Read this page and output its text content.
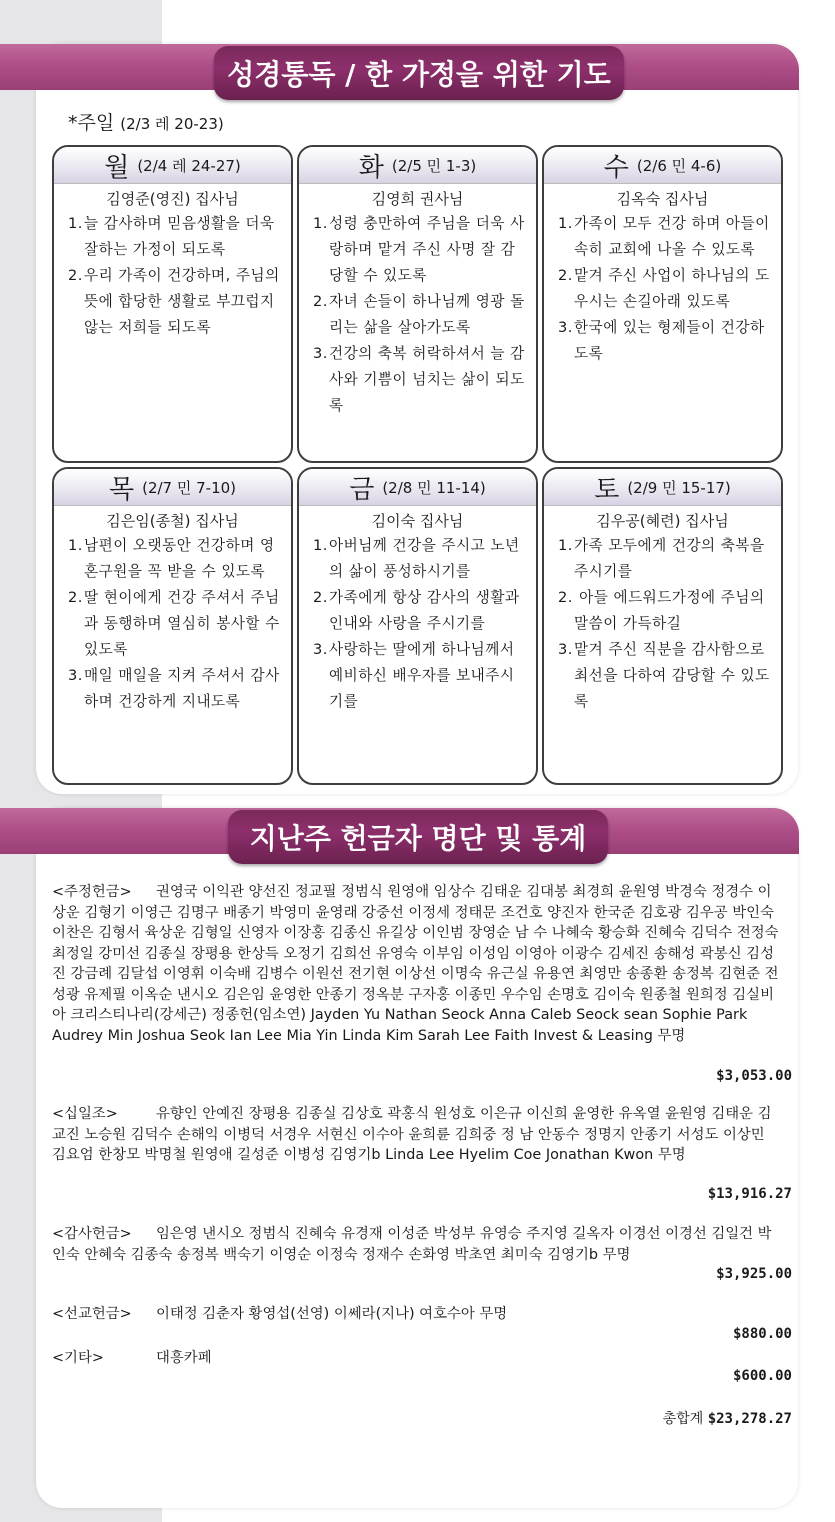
성경통독 / 한 가정을 위한 기도
*주일 (2/3 레 20-23)
월 (2/4 레 24-27)
김영준(영진) 집사님
1.늘 감사하며 믿음생활을 더욱 잘하는 가정이 되도록
2.우리 가족이 건강하며, 주님의 뜻에 합당한 생활로 부끄럽지 않는 저희들 되도록
화 (2/5 민 1-3)
김영희 권사님
1.성령 충만하여 주님을 더욱 사랑하며 맡겨 주신 사명 잘 감당할 수 있도록
2.자녀 손들이 하나님께 영광 돌리는 삶을 살아가도록
3.건강의 축복 허락하셔서 늘 감사와 기쁨이 넘치는 삶이 되도록
수 (2/6 민 4-6)
김옥숙 집사님
1.가족이 모두 건강 하며 아들이 속히 교회에 나올 수 있도록
2.맡겨 주신 사업이 하나님의 도우시는 손길아래 있도록
3.한국에 있는 형제들이 건강하도록
목 (2/7 민 7-10)
김은임(종철) 집사님
1.남편이 오랫동안 건강하며 영혼구원을 꼭 받을 수 있도록
2.딸 현이에게 건강 주셔서 주님과 동행하며 열심히 봉사할 수 있도록
3.매일 매일을 지켜 주셔서 감사하며 건강하게 지내도록
금 (2/8 민 11-14)
김이숙 집사님
1.아버님께 건강을 주시고 노년의 삶이 풍성하시기를
2.가족에게 항상 감사의 생활과 인내와 사랑을 주시기를
3.사랑하는 딸에게 하나님께서 예비하신 배우자를 보내주시기를
토 (2/9 민 15-17)
김우공(혜련) 집사님
1.가족 모두에게 건강의 축복을 주시기를
2. 아들 에드워드가정에 주님의 말씀이 가득하길
3.맡겨 주신 직분을 감사함으로 최선을 다하여 감당할 수 있도록
지난주 헌금자 명단 및 통계
<주정헌금> 권영국 이익관 양선진 정교필 정범식 원영애 임상수 김태운 김대봉 최경희 윤원영 박경숙 정경수 이상운 김형기 이영근 김명구 배종기 박영미 윤영래 강중선 이정세 정태문 조건호 양진자 한국준 김호광 김우공 박인숙 이찬은 김형서 육상운 김형일 신영자 이장홍 김종신 유길상 이인범 장영순 남 수 나혜숙 황승화 진혜숙 김덕수 전정숙 최정일 강미선 김종실 장평용 한상득 오정기 김희선 유영숙 이부임 이성임 이영아 이광수 김세진 송해성 곽봉신 김성진 강금례 김달섭 이영휘 이숙배 김병수 이원선 전기현 이상선 이명숙 유근실 유용연 최영만 송종환 송정복 김현준 전성광 유제필 이옥순 낸시오 김은임 윤영한 안종기 정옥분 구자홍 이종민 우수임 손명호 김이숙 원종철 원희정 김실비아 크리스티나리(강세근) 정종헌(임소연) Jayden Yu Nathan Seock Anna Caleb Seock sean Sophie Park Audrey Min Joshua Seok Ian Lee Mia Yin Linda Kim Sarah Lee Faith Invest & Leasing 무명
$3,053.00
<십일조>	유향인 안예진 장평용 김종실 김상호 곽홍식 원성호 이은규 이신희 윤영한 유옥열 윤원영 김태운 김교진 노승원 김덕수 손해익 이병덕 서경우 서현신 이수아 윤희륜 김희중 정 남 안동수 정명지 안종기 서성도 이상민 김요엄 한창모 박명철 원영애 길성준 이병성 김영기b Linda Lee Hyelim Coe Jonathan Kwon 무명
$13,916.27
<감사헌금> 임은영 낸시오 정범식 진혜숙 유경재 이성준 박성부 유영승 주지영 길옥자 이경선 이경선 김일건 박인숙 안혜숙 김종숙 송정복 백숙기 이영순 이정숙 정재수 손화영 박초연 최미숙 김영기b 무명
$3,925.00
<선교헌금> 이태정 김춘자 황영섭(선영) 이쎄라(지나) 여호수아 무명
$880.00
<기타>	대흥카페
$600.00
총합계 $23,278.27
